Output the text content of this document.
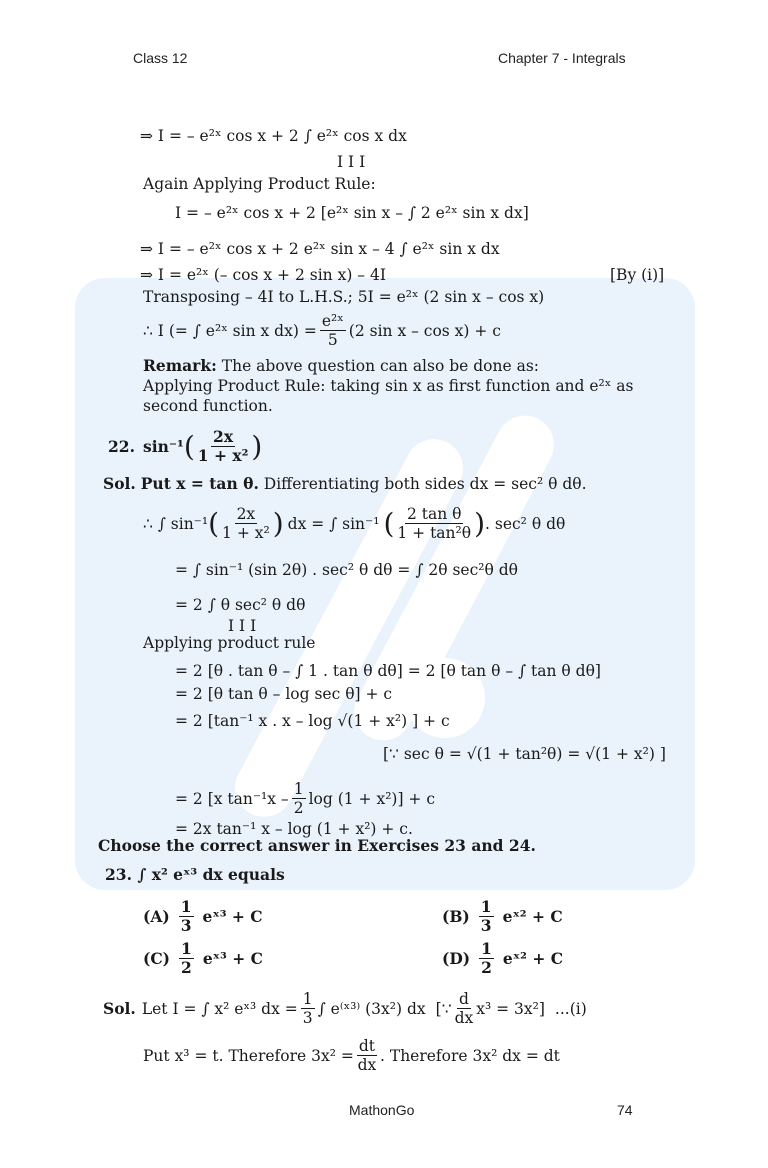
Class 12	Chapter 7 - Integrals
⇒ I = – e²ˣ cos x + 2 ∫ e²ˣ cos x dx
I I I
Again Applying Product Rule:
I = – e²ˣ cos x + 2 [e²ˣ sin x – ∫ 2 e²ˣ sin x dx]
⇒ I = – e²ˣ cos x + 2 e²ˣ sin x – 4 ∫ e²ˣ sin x dx
⇒ I = e²ˣ (– cos x + 2 sin x) – 4I	[By (i)]
Transposing – 4I to L.H.S.; 5I = e²ˣ (2 sin x – cos x)
∴ I (= ∫ e²ˣ sin x $dx) = \frac{\text{e²ˣ}}{5} (2$ sin x – cos x) + c
Remark: The above question can also be done as:
Applying Product Rule: taking sin x as first function and e²ˣ as
second function.
22. sin⁻¹ ( $\frac{2x}{\text{1 + x²}}$ )
Sol. Put x = tan θ. Differentiating both sides dx = sec² θ dθ.
∴ ∫ sin⁻¹ ( $\frac{2x}{\text{1 + x²}}$ ) dx = ∫ sin⁻¹ ( $\frac{\text{2 tan θ}}{\text{1 + tan²θ}}$ ) . sec² θ dθ
= ∫ sin⁻¹ (sin 2θ) . sec² θ dθ = ∫ 2θ sec²θ dθ
= 2 ∫ θ sec² θ dθ
I I I
Applying product rule
= 2 [θ . tan θ – ∫ 1 . tan θ dθ] = 2 [θ tan θ – ∫ tan θ dθ]
= 2 [θ tan θ – log sec θ] + c
= 2 [tan⁻¹ x . x – log √(1 + x²) ] + c
[∵ sec θ = √(1 + tan²θ) = √(1 + x²) ]
= 2 [x $\tan^{-1}x - \frac{1}{2}$ log (1 + x²)] + c
= 2x tan⁻¹ x – log (1 + x²) + c.
Choose the correct answer in Exercises 23 and 24.
23. ∫ x² eˣ³ dx equals
$(A) \frac{1}{3}$ eˣ³ + C	$(B) \frac{1}{3}$ eˣ² + C
$(C) \frac{1}{2}$ eˣ³ + C	$(D) \frac{1}{2}$ eˣ² + C
Sol. Let I = ∫ x² eˣ³ dx = $\frac{1}{3}$ ∫ e⁽ˣ³⁾ (3x²) dx [∵ $\frac{d}{dx} x^3 = 3x^2$] ...(i)
Put x³ = t. Therefore $3x^2 = \frac{dt}{dx}$ . Therefore 3x² dx = dt
MathonGo	74
